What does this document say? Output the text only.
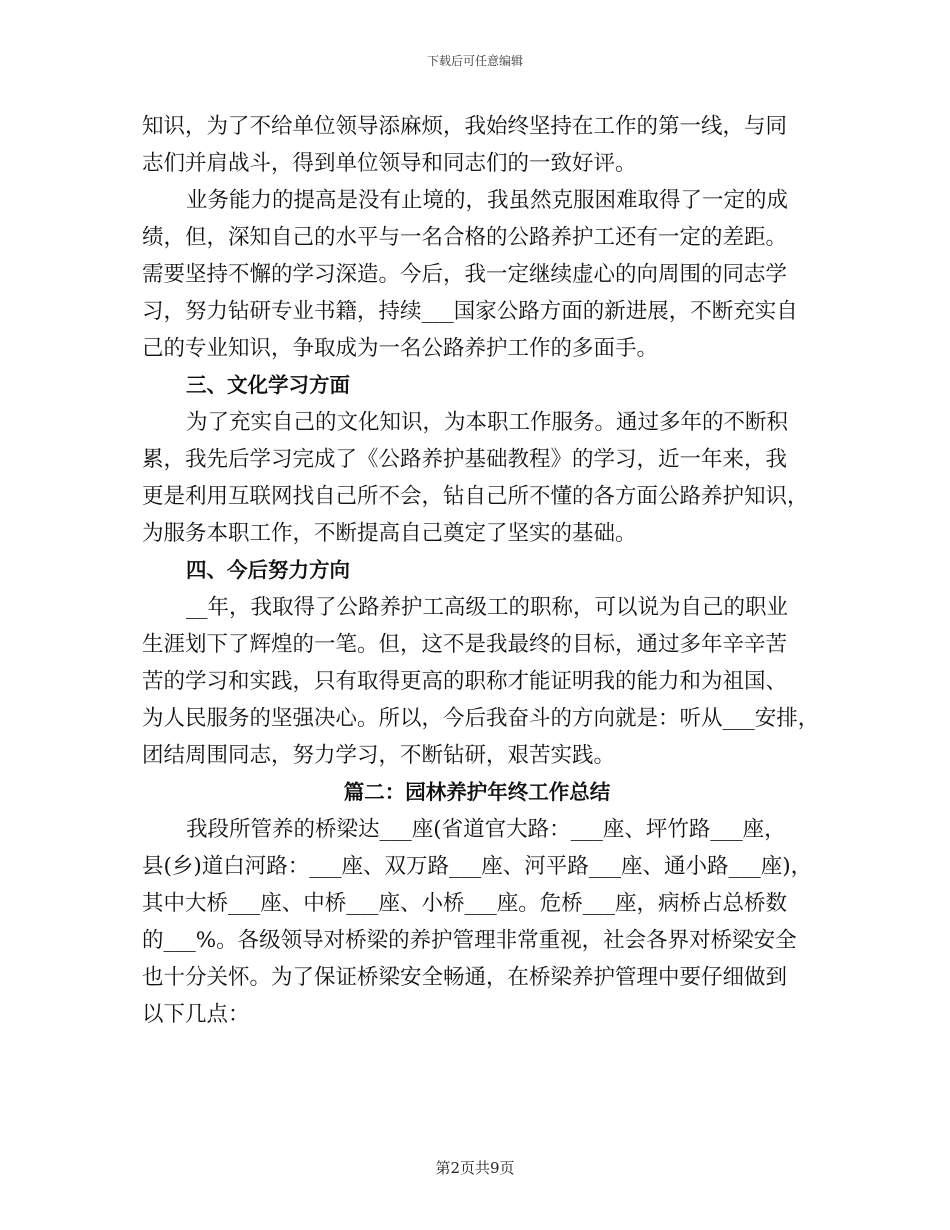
下载后可任意编辑
知识，为了不给单位领导添麻烦，我始终坚持在工作的第一线，与同
志们并肩战斗，得到单位领导和同志们的一致好评。
业务能力的提高是没有止境的，我虽然克服困难取得了一定的成
绩，但，深知自己的水平与一名合格的公路养护工还有一定的差距。
需要坚持不懈的学习深造。今后，我一定继续虚心的向周围的同志学
习，努力钻研专业书籍，持续___国家公路方面的新进展，不断充实自
己的专业知识，争取成为一名公路养护工作的多面手。
三、文化学习方面
为了充实自己的文化知识，为本职工作服务。通过多年的不断积
累，我先后学习完成了《公路养护基础教程》的学习，近一年来，我
更是利用互联网找自己所不会，钻自己所不懂的各方面公路养护知识，
为服务本职工作，不断提高自己奠定了坚实的基础。
四、今后努力方向
__年，我取得了公路养护工高级工的职称，可以说为自己的职业
生涯划下了辉煌的一笔。但，这不是我最终的目标，通过多年辛辛苦
苦的学习和实践，只有取得更高的职称才能证明我的能力和为祖国、
为人民服务的坚强决心。所以，今后我奋斗的方向就是：听从___安排，
团结周围同志，努力学习，不断钻研，艰苦实践。
篇二：园林养护年终工作总结
我段所管养的桥梁达___座(省道官大路：___座、坪竹路___座，
县(乡)道白河路：___座、双万路___座、河平路___座、通小路___座)，
其中大桥___座、中桥___座、小桥___座。危桥___座，病桥占总桥数
的___%。各级领导对桥梁的养护管理非常重视，社会各界对桥梁安全
也十分关怀。为了保证桥梁安全畅通，在桥梁养护管理中要仔细做到
以下几点：
第2页共9页
